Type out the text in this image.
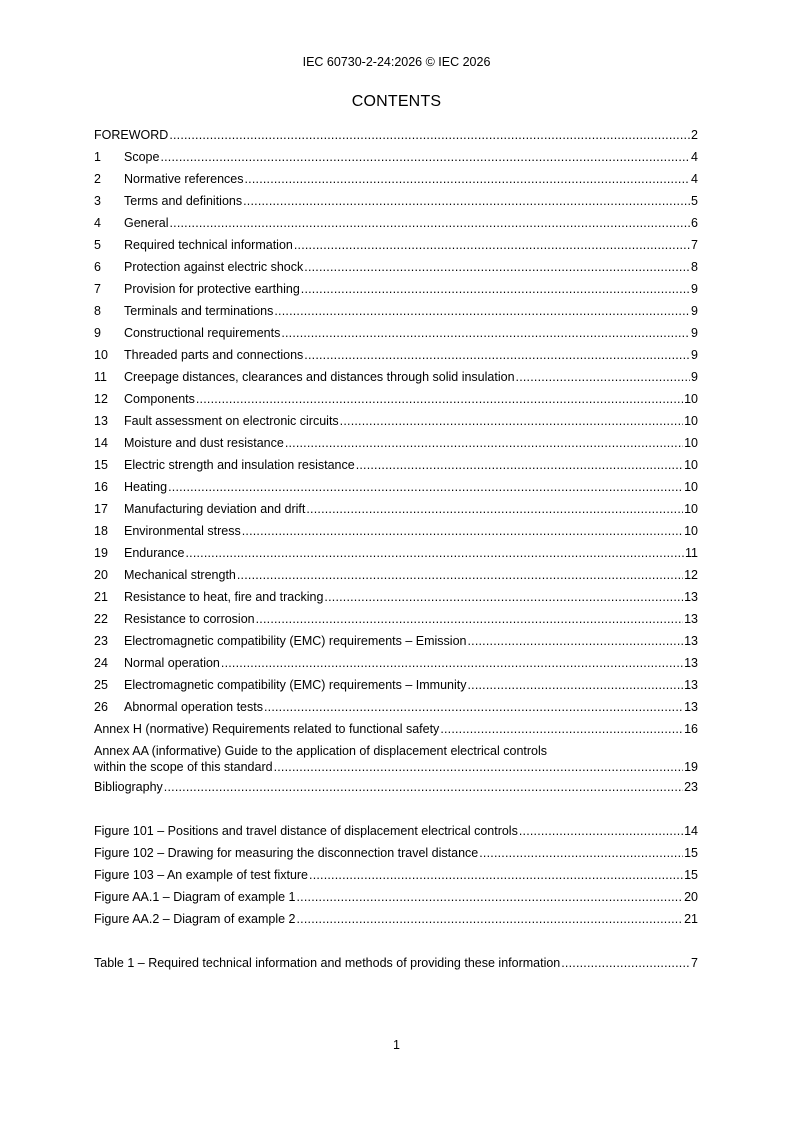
IEC 60730-2-24:2026 © IEC 2026
CONTENTS
FOREWORD .....	2
1	Scope .....	4
2	Normative references .....	4
3	Terms and definitions .....	5
4	General .....	6
5	Required technical information .....	7
6	Protection against electric shock .....	8
7	Provision for protective earthing .....	9
8	Terminals and terminations .....	9
9	Constructional requirements .....	9
10	Threaded parts and connections .....	9
11	Creepage distances, clearances and distances through solid insulation .....	9
12	Components .....	10
13	Fault assessment on electronic circuits .....	10
14	Moisture and dust resistance .....	10
15	Electric strength and insulation resistance .....	10
16	Heating .....	10
17	Manufacturing deviation and drift .....	10
18	Environmental stress .....	10
19	Endurance .....	11
20	Mechanical strength .....	12
21	Resistance to heat, fire and tracking .....	13
22	Resistance to corrosion .....	13
23	Electromagnetic compatibility (EMC) requirements – Emission .....	13
24	Normal operation .....	13
25	Electromagnetic compatibility (EMC) requirements – Immunity .....	13
26	Abnormal operation tests .....	13
Annex H (normative) Requirements related to functional safety .....	16
Annex AA (informative) Guide to the application of displacement electrical controls
within the scope of this standard .....	19
Bibliography .....	23
Figure 101 – Positions and travel distance of displacement electrical controls .....	14
Figure 102 – Drawing for measuring the disconnection travel distance .....	15
Figure 103 – An example of test fixture .....	15
Figure AA.1 – Diagram of example 1 .....	20
Figure AA.2 – Diagram of example 2 .....	21
Table 1 – Required technical information and methods of providing these information .....	7
1
